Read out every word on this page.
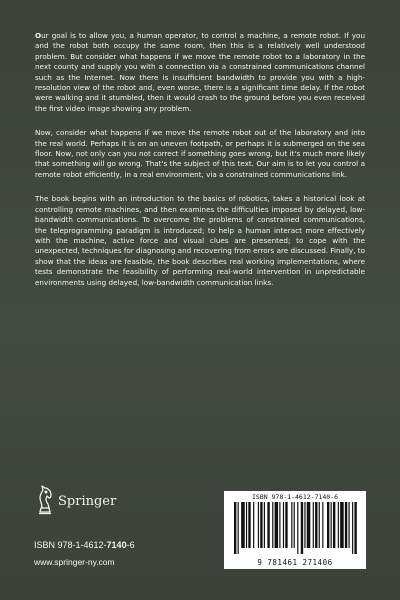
Our goal is to allow you, a human operator, to control a machine, a remote robot. If you and the robot both occupy the same room, then this is a relatively well understood problem. But consider what happens if we move the remote robot to a laboratory in the next county and supply you with a connection via a constrained communications channel such as the Internet. Now there is insufficient bandwidth to provide you with a high-resolution view of the robot and, even worse, there is a significant time delay. If the robot were walking and it stumbled, then it would crash to the ground before you even received the first video image showing any problem.

Now, consider what happens if we move the remote robot out of the laboratory and into the real world. Perhaps it is on an uneven footpath, or perhaps it is submerged on the sea floor. Now, not only can you not correct if something goes wrong, but it's much more likely that something will go wrong. That's the subject of this text. Our aim is to let you control a remote robot efficiently, in a real environment, via a constrained communications link.

The book begins with an introduction to the basics of robotics, takes a historical look at controlling remote machines, and then examines the difficulties imposed by delayed, low-bandwidth communications. To overcome the problems of constrained communications, the teleprogramming paradigm is introduced; to help a human interact more effectively with the machine, active force and visual clues are presented; to cope with the unexpected, techniques for diagnosing and recovering from errors are discussed. Finally, to show that the ideas are feasible, the book describes real working implementations, where tests demonstrate the feasibility of performing real-world intervention in unpredictable environments using delayed, low-bandwidth communication links.

Springer
ISBN 978-1-4612-7140-6
www.springer-ny.com
ISBN 978-1-4612-7140-6
9 781461 271406
